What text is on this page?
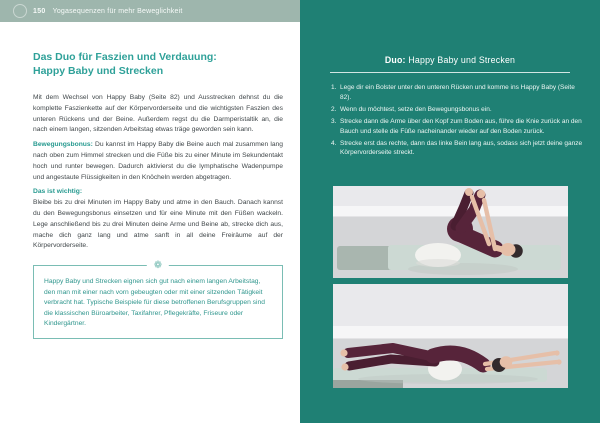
150 Yogasequenzen für mehr Beweglichkeit
Das Duo für Faszien und Verdauung:
Happy Baby und Strecken

Mit dem Wechsel von Happy Baby (Seite 82) und Ausstrecken dehnst du die komplette Faszienkette auf der Körpervorderseite und die wichtigsten Faszien des unteren Rückens und der Beine. Außerdem regst du die Darmperistaltik an, die nach einem langen, sitzenden Arbeitstag etwas träge geworden sein kann.

Bewegungsbonus: Du kannst im Happy Baby die Beine auch mal zusammen lang nach oben zum Himmel strecken und die Füße bis zu einer Minute im Sekundentakt hoch und runter bewegen. Dadurch aktivierst du die lymphatische Wadenpumpe und angestaute Flüssigkeiten in den Knöcheln werden abgetragen.

Das ist wichtig:
Bleibe bis zu drei Minuten im Happy Baby und atme in den Bauch. Danach kannst du den Bewegungsbonus einsetzen und für eine Minute mit den Füßen wackeln. Lege anschließend bis zu drei Minuten deine Arme und Beine ab, strecke dich aus, mache dich ganz lang und atme sanft in all deine Freiräume auf der Körpervorderseite.

❁
Happy Baby und Strecken eignen sich gut nach einem langen Arbeitstag, den man mit einer nach vorn gebeugten oder mit einer sitzenden Tätigkeit verbracht hat. Typische Beispiele für diese betroffenen Berufsgruppen sind die klassischen Büroarbeiter, Taxifahrer, Pflegekräfte, Friseure oder Kindergärtner.
Duo: Happy Baby und Strecken
1. Lege dir ein Bolster unter den unteren Rücken und komme ins Happy Baby (Seite 82).
2. Wenn du möchtest, setze den Bewegungsbonus ein.
3. Strecke dann die Arme über den Kopf zum Boden aus, führe die Knie zurück an den Bauch und stelle die Füße nacheinander wieder auf den Boden zurück.
4. Strecke erst das rechte, dann das linke Bein lang aus, sodass sich jetzt deine ganze Körpervorderseite streckt.
